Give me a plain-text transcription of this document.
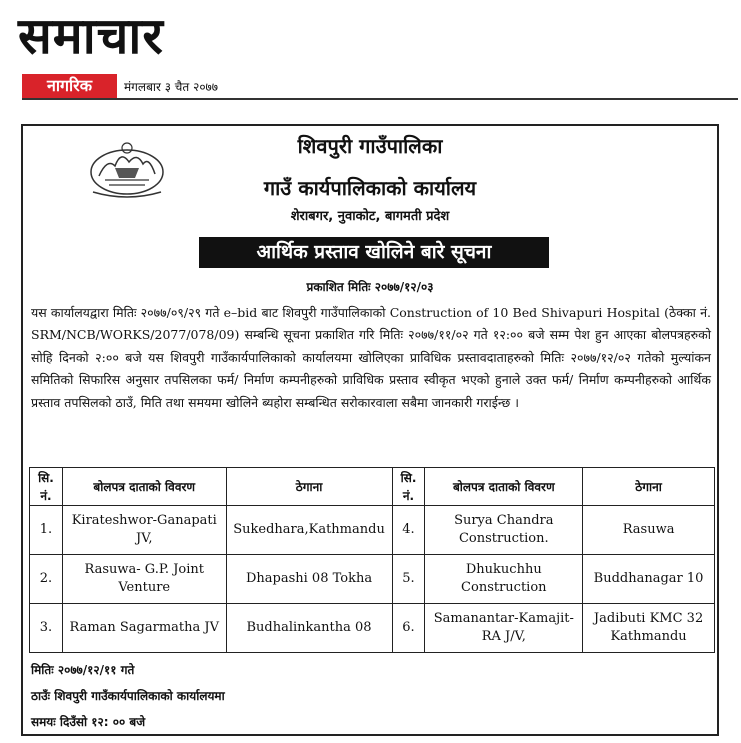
समाचार
नागरिक	मंगलबार ३ चैत २०७७
शिवपुरी गाउँपालिका
गाउँ कार्यपालिकाको कार्यालय
शेराबगर, नुवाकोट, बागमती प्रदेश
आर्थिक प्रस्ताव खोलिने बारे सूचना
प्रकाशित मितिः २०७७/१२/०३
यस कार्यालयद्वारा मितिः २०७७/०९/२९ गते e–bid बाट शिवपुरी गाउँपालिकाको Construction of 10 Bed Shivapuri Hospital (ठेक्का नं. SRM/NCB/WORKS/2077/078/09) सम्बन्धि सूचना प्रकाशित गरि मितिः २०७७/११/०२ गते १२:०० बजे सम्म पेश हुन आएका बोलपत्रहरुको सोहि दिनको २:०० बजे यस शिवपुरी गाउँकार्यपालिकाको कार्यालयमा खोलिएका प्राविधिक प्रस्तावदाताहरुको मितिः २०७७/१२/०२ गतेको मुल्यांकन समितिको सिफारिस अनुसार तपसिलका फर्म/ निर्माण कम्पनीहरुको प्राविधिक प्रस्ताव स्वीकृत भएको हुनाले उक्त फर्म/ निर्माण कम्पनीहरुको आर्थिक प्रस्ताव तपसिलको ठाउँ, मिति तथा समयमा खोलिने ब्यहोरा सम्बन्धित सरोकारवाला सबैमा जानकारी गराईन्छ ।
सि. नं.	बोलपत्र दाताको विवरण	ठेगाना	सि. नं.	बोलपत्र दाताको विवरण	ठेगाना
1.	Kirateshwor-Ganapati JV,	Sukedhara,Kathmandu	4.	Surya Chandra Construction.	Rasuwa
2.	Rasuwa- G.P. Joint Venture	Dhapashi 08 Tokha	5.	Dhukuchhu Construction	Buddhanagar 10
3.	Raman Sagarmatha JV	Budhalinkantha 08	6.	Samanantar-Kamajit-RA J/V,	Jadibuti KMC 32 Kathmandu
मितिः २०७७/१२/११ गते
ठाउँः शिवपुरी गाउँकार्यपालिकाको कार्यालयमा
समयः दिउँसो १२: ०० बजे
